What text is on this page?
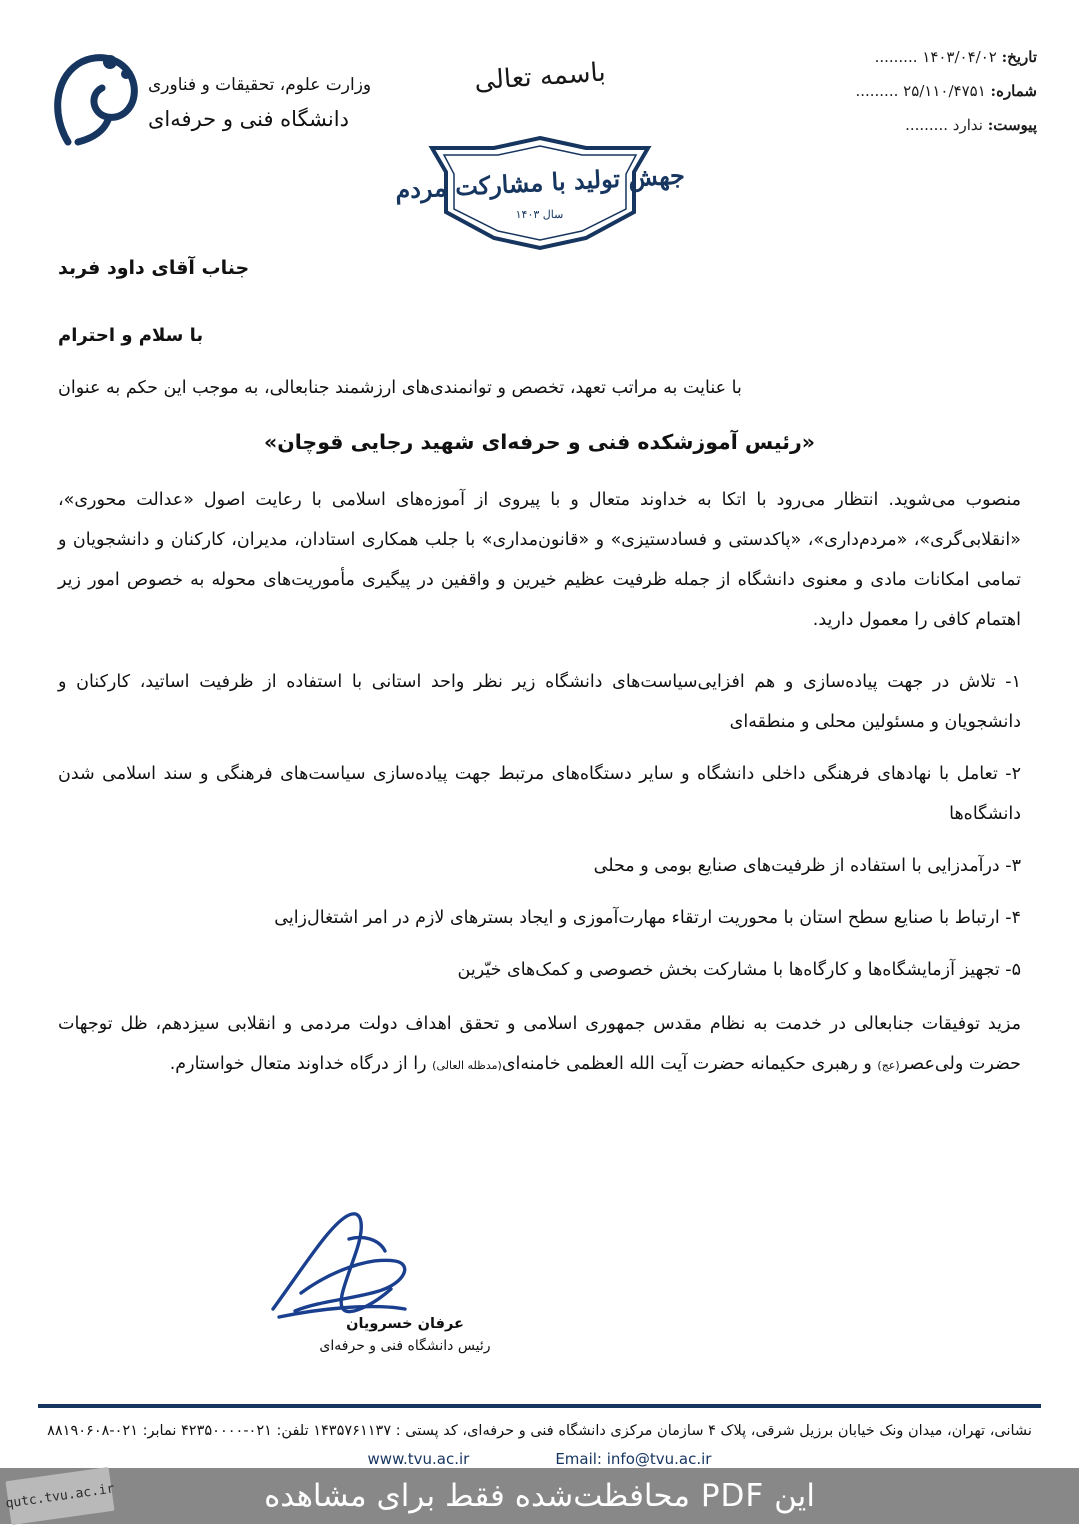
تاریخ: ۱۴۰۳/۰۴/۰۲ .........
شماره: ۲۵/۱۱۰/۴۷۵۱ .........
پیوست: ندارد .........
باسمه تعالی
وزارت علوم، تحقیقات و فناوری
دانشگاه فنی و حرفه‌ای
جهش تولید با مشارکت مردم
سال ۱۴۰۳
جناب آقای داود فربد
با سلام و احترام
با عنایت به مراتب تعهد، تخصص و توانمندی‌های ارزشمند جنابعالی، به موجب این حکم به عنوان
«رئیس آموزشکده فنی و حرفه‌ای شهید رجایی قوچان»
منصوب می‌شوید. انتظار می‌رود با اتکا به خداوند متعال و با پیروی از آموزه‌های اسلامی با رعایت اصول «عدالت محوری»، «انقلابی‌گری»، «مردم‌داری»، «پاکدستی و فسادستیزی» و «قانون‌مداری» با جلب همکاری استادان، مدیران، کارکنان و دانشجویان و تمامی امکانات مادی و معنوی دانشگاه از جمله ظرفیت عظیم خیرین و واقفین در پیگیری مأموریت‌های محوله به خصوص امور زیر اهتمام کافی را معمول دارید.
۱- تلاش در جهت پیاده‌سازی و هم افزایی‌سیاست‌های دانشگاه زیر نظر واحد استانی با استفاده از ظرفیت اساتید، کارکنان و دانشجویان و مسئولین محلی و منطقه‌ای
۲- تعامل با نهادهای فرهنگی داخلی دانشگاه و سایر دستگاه‌های مرتبط جهت پیاده‌سازی سیاست‌های فرهنگی و سند اسلامی شدن دانشگاه‌ها
۳- درآمدزایی با استفاده از ظرفیت‌های صنایع بومی و محلی
۴- ارتباط با صنایع سطح استان با محوریت ارتقاء مهارت‌آموزی و ایجاد بسترهای لازم در امر اشتغال‌زایی
۵- تجهیز آزمایشگاه‌ها و کارگاه‌ها با مشارکت بخش خصوصی و کمک‌های خیّرین
مزید توفیقات جنابعالی در خدمت به نظام مقدس جمهوری اسلامی و تحقق اهداف دولت مردمی و انقلابی سیزدهم، ظل توجهات حضرت ولی‌عصر(عج) و رهبری حکیمانه حضرت آیت الله العظمی خامنه‌ای(مدظله العالی) را از درگاه خداوند متعال خواستارم.
عرفان خسرویان
رئیس دانشگاه فنی و حرفه‌ای
نشانی، تهران، میدان ونک خیابان برزیل شرقی، پلاک ۴ سازمان مرکزی دانشگاه فنی و حرفه‌ای، کد پستی : ۱۴۳۵۷۶۱۱۳۷ تلفن: ۰۲۱-۴۲۳۵۰۰۰۰ نمابر: ۰۲۱-۸۸۱۹۰۶۰۸
www.tvu.ac.ir	Email: info@tvu.ac.ir
این PDF محافظت‌شده فقط برای مشاهده
qutc.tvu.ac.ir
